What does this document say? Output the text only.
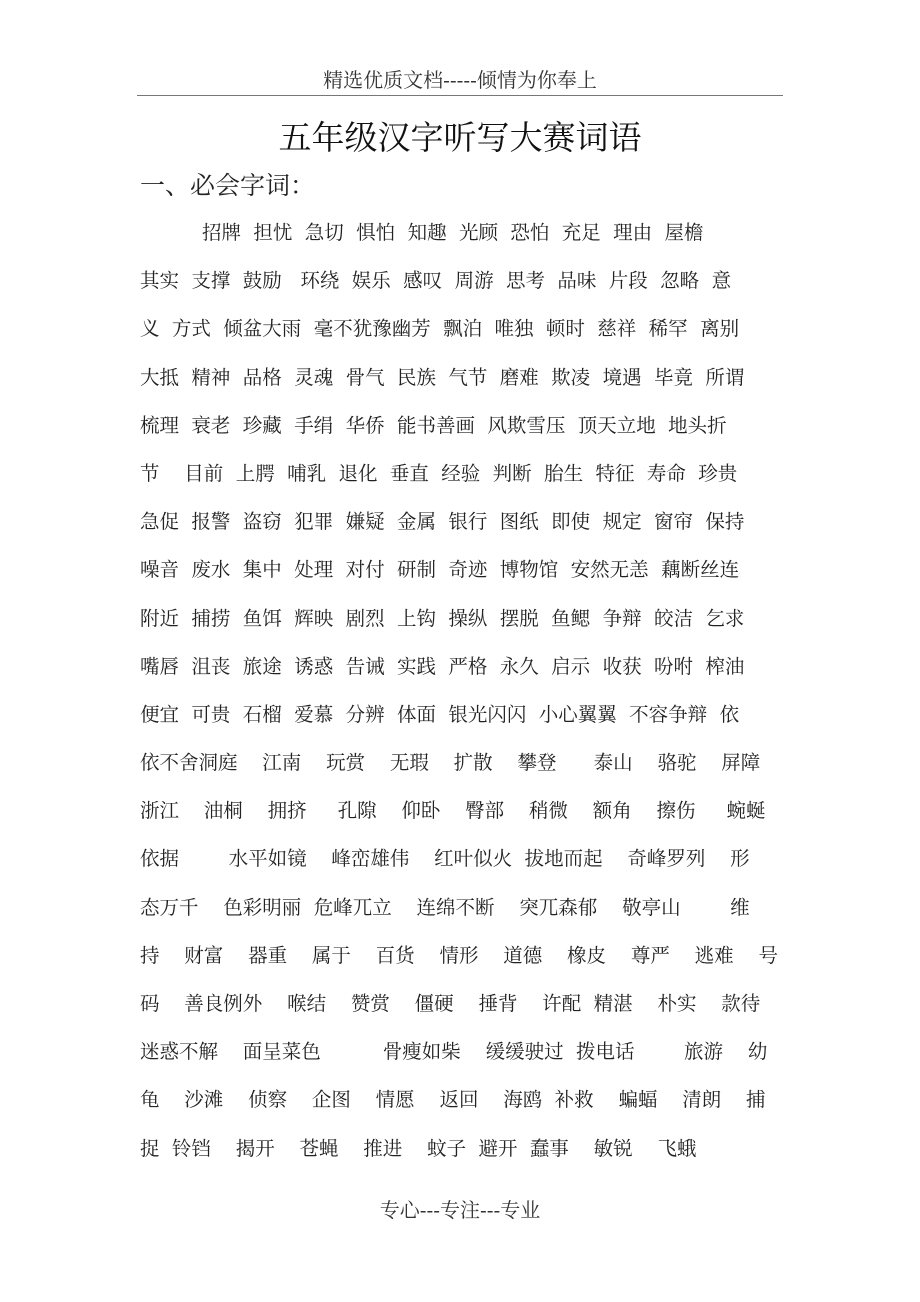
精选优质文档-----倾情为你奉上
五年级汉字听写大赛词语
一、必会字词：
招牌  担忧  急切  惧怕  知趣  光顾  恐怕  充足  理由  屋檐
其实  支撑  鼓励   环绕  娱乐  感叹  周游  思考  品味  片段  忽略  意
义  方式  倾盆大雨  毫不犹豫幽芳  飘泊  唯独  顿时  慈祥  稀罕  离别
大抵  精神  品格  灵魂  骨气  民族  气节  磨难  欺凌  境遇  毕竟  所谓
梳理  衰老  珍藏  手绢  华侨  能书善画  风欺雪压  顶天立地  地头折
节    目前  上腭  哺乳  退化  垂直  经验  判断  胎生  特征  寿命  珍贵
急促  报警  盗窃  犯罪  嫌疑  金属  银行  图纸  即使  规定  窗帘  保持
噪音  废水  集中  处理  对付  研制  奇迹  博物馆  安然无恙  藕断丝连
附近  捕捞  鱼饵  辉映  剧烈  上钩  操纵  摆脱  鱼鳃  争辩  皎洁  乞求
嘴唇  沮丧  旅途  诱惑  告诫  实践  严格  永久  启示  收获  吩咐  榨油
便宜  可贵  石榴  爱慕  分辨  体面  银光闪闪  小心翼翼  不容争辩  依
依不舍洞庭    江南    玩赏    无瑕    扩散    攀登      泰山    骆驼    屏障
浙江    油桐    拥挤     孔隙    仰卧    臀部    稍微    额角    擦伤     蜿蜒
依据        水平如镜    峰峦雄伟    红叶似火  拔地而起    奇峰罗列    形
态万千    色彩明丽  危峰兀立    连绵不断    突兀森郁    敬亭山        维
持    财富    器重    属于    百货    情形    道德    橡皮    尊严    逃难    号
码    善良例外    喉结    赞赏    僵硬    捶背    许配  精湛    朴实    款待
迷惑不解    面呈菜色          骨瘦如柴    缓缓驶过  拨电话        旅游    幼
龟    沙滩    侦察    企图    情愿    返回    海鸥  补救    蝙蝠    清朗    捕
捉  铃铛    揭开    苍蝇    推进    蚊子  避开  蠢事    敏锐    飞蛾
专心---专注---专业
